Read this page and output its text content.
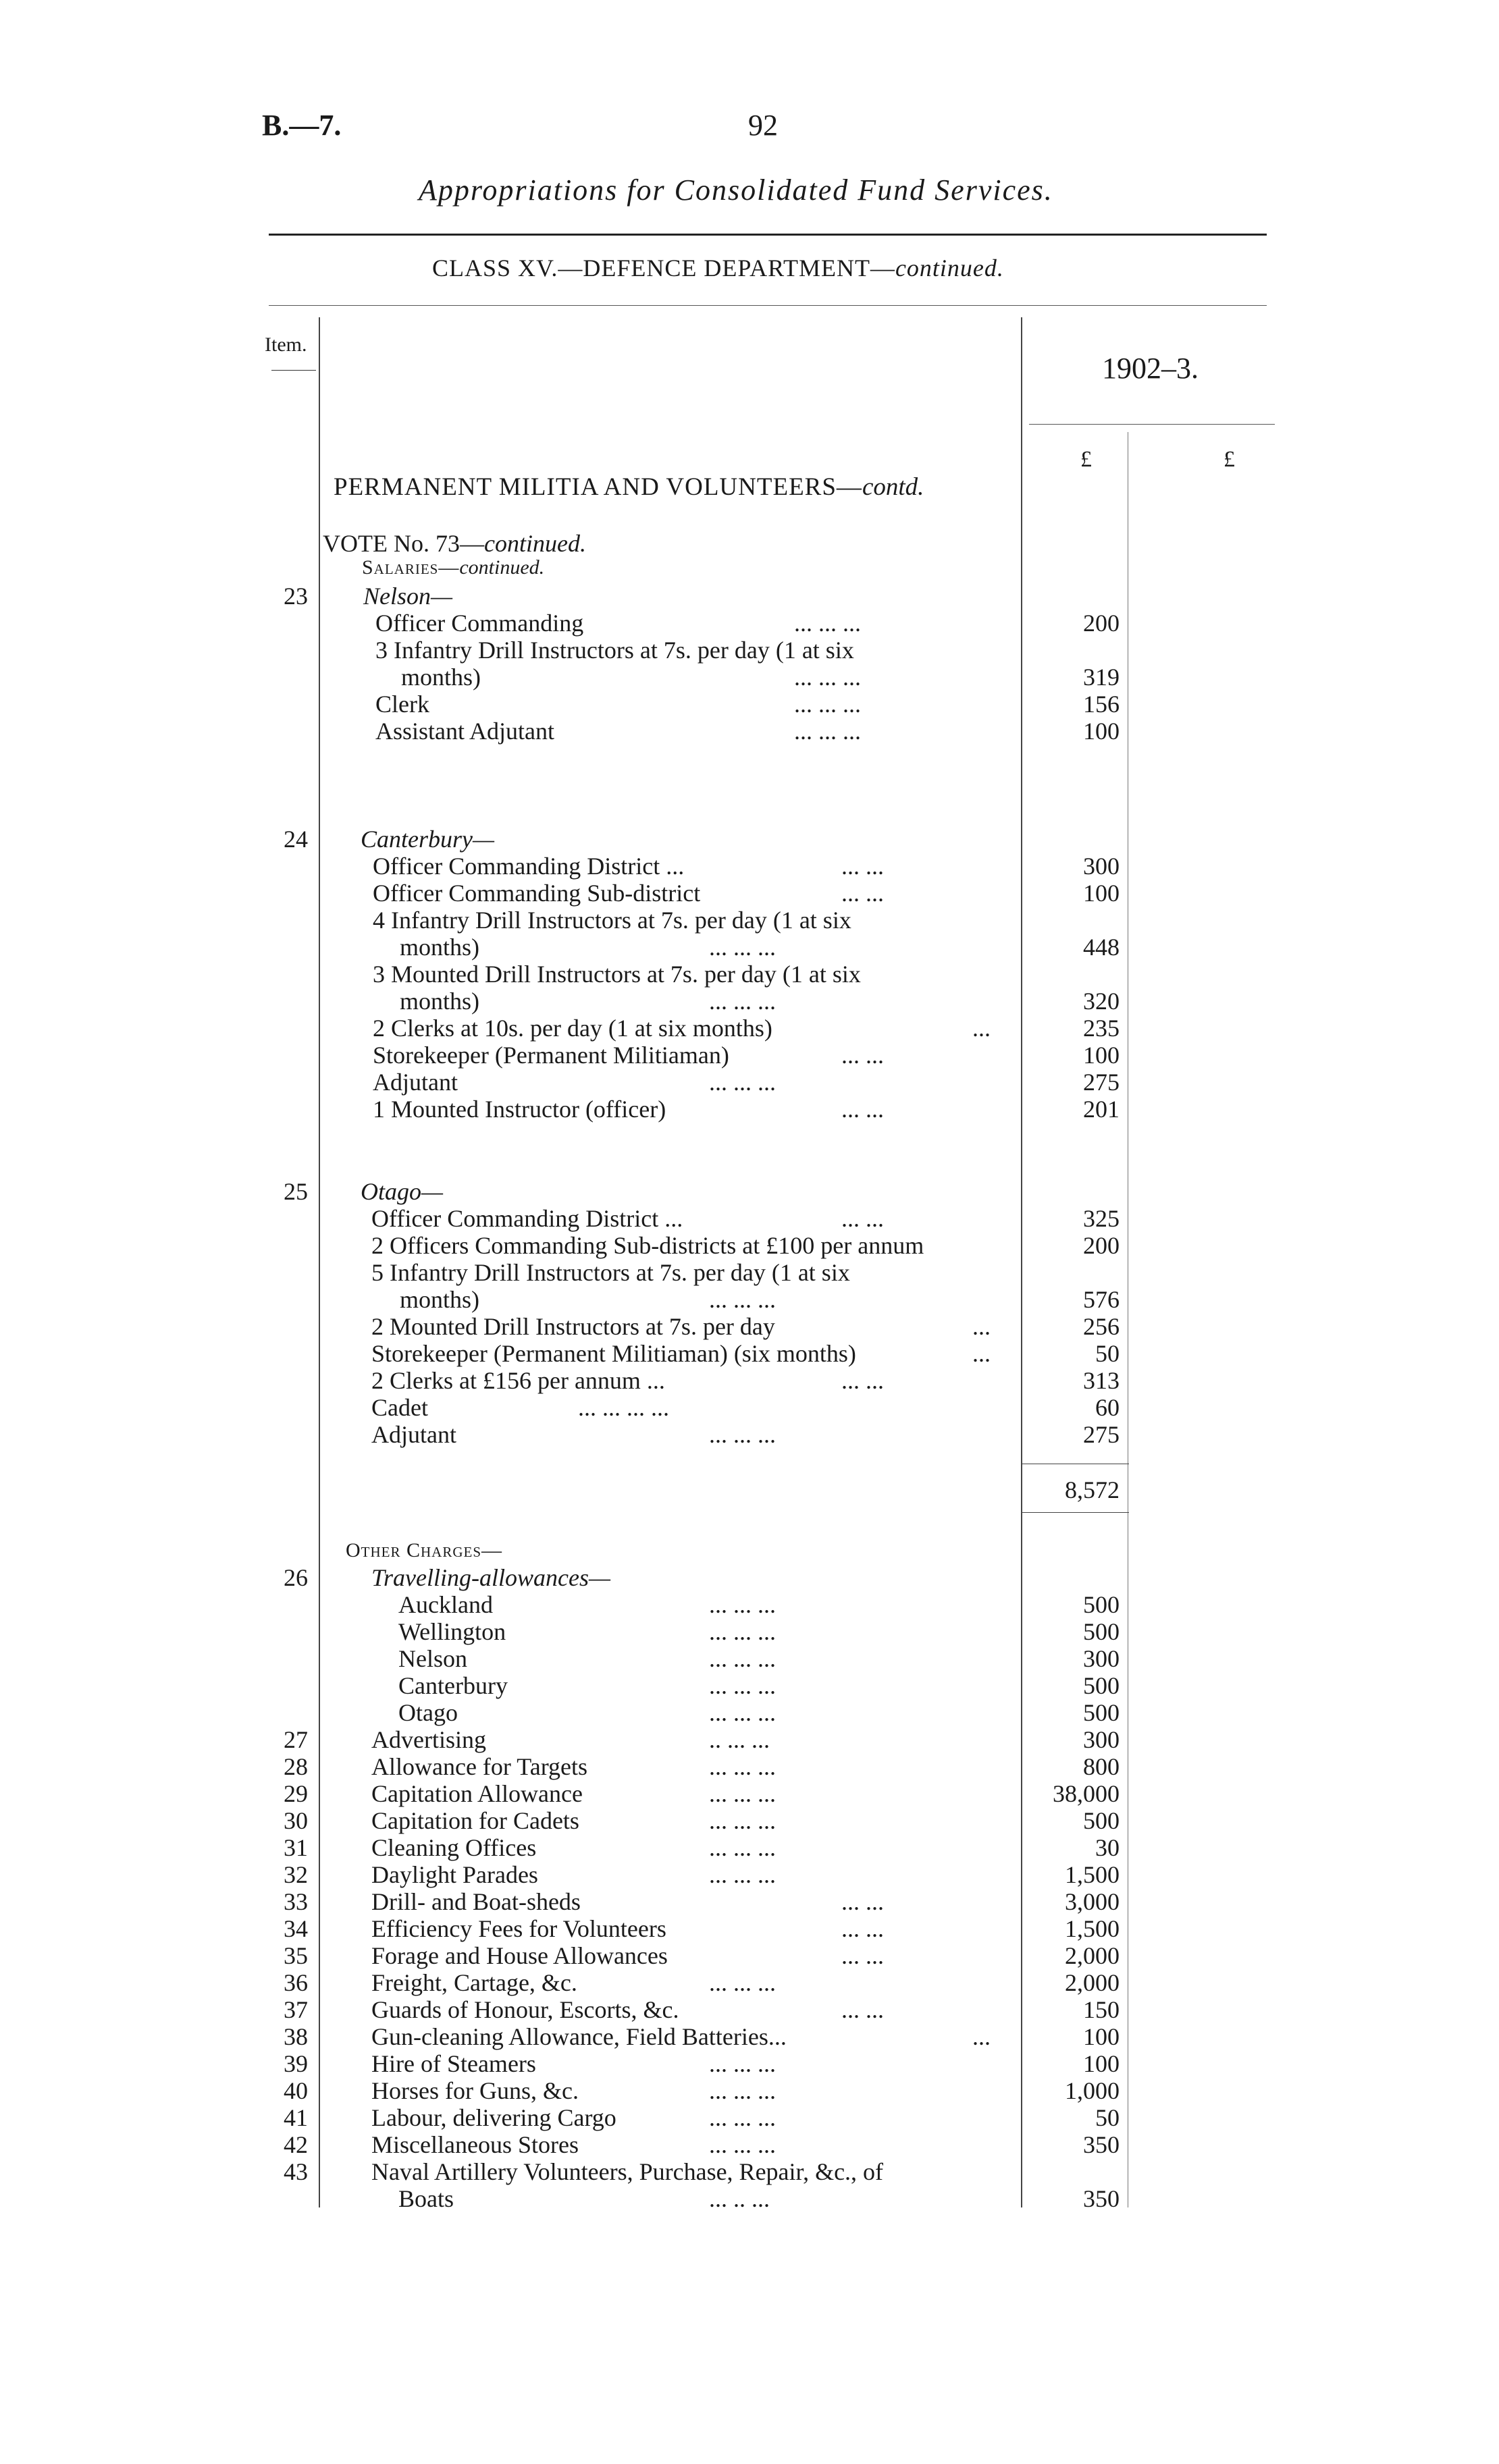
B.—7.	92
Appropriations for Consolidated Fund Services.
CLASS XV.—DEFENCE DEPARTMENT—continued.
Item.
1902–3.
£	£
PERMANENT MILITIA AND VOLUNTEERS—contd.
VOTE No. 73—continued.
Salaries—continued.
23	Nelson—
Officer Commanding	... ... ...	200
3 Infantry Drill Instructors at 7s. per day (1 at six
months)	... ... ...	319
Clerk	... ... ...	156
Assistant Adjutant	... ... ...	100
24	Canterbury—
Officer Commanding District ...	... ...	300
Officer Commanding Sub-district	... ...	100
4 Infantry Drill Instructors at 7s. per day (1 at six
months)	... ... ...	448
3 Mounted Drill Instructors at 7s. per day (1 at six
months)	... ... ...	320
2 Clerks at 10s. per day (1 at six months)	...	235
Storekeeper (Permanent Militiaman)	... ...	100
Adjutant	... ... ...	275
1 Mounted Instructor (officer)	... ...	201
25	Otago—
Officer Commanding District ...	... ...	325
2 Officers Commanding Sub-districts at £100 per annum	200
5 Infantry Drill Instructors at 7s. per day (1 at six
months)	... ... ...	576
2 Mounted Drill Instructors at 7s. per day	...	256
Storekeeper (Permanent Militiaman) (six months)	...	50
2 Clerks at £156 per annum ...	... ...	313
Cadet	... ... ... ...	60
Adjutant	... ... ...	275
8,572
Other Charges—
26	Travelling-allowances—
Auckland	... ... ...	500
Wellington	... ... ...	500
Nelson	... ... ...	300
Canterbury	... ... ...	500
Otago	... ... ...	500
27	Advertising	.. ... ...	300
28	Allowance for Targets	... ... ...	800
29	Capitation Allowance	... ... ...	38,000
30	Capitation for Cadets	... ... ...	500
31	Cleaning Offices	... ... ...	30
32	Daylight Parades	... ... ...	1,500
33	Drill- and Boat-sheds	... ...	3,000
34	Efficiency Fees for Volunteers	... ...	1,500
35	Forage and House Allowances	... ...	2,000
36	Freight, Cartage, &c.	... ... ...	2,000
37	Guards of Honour, Escorts, &c.	... ...	150
38	Gun-cleaning Allowance, Field Batteries...	...	100
39	Hire of Steamers	... ... ...	100
40	Horses for Guns, &c.	... ... ...	1,000
41	Labour, delivering Cargo	... ... ...	50
42	Miscellaneous Stores	... ... ...	350
43	Naval Artillery Volunteers, Purchase, Repair, &c., of
Boats	... .. ...	350
